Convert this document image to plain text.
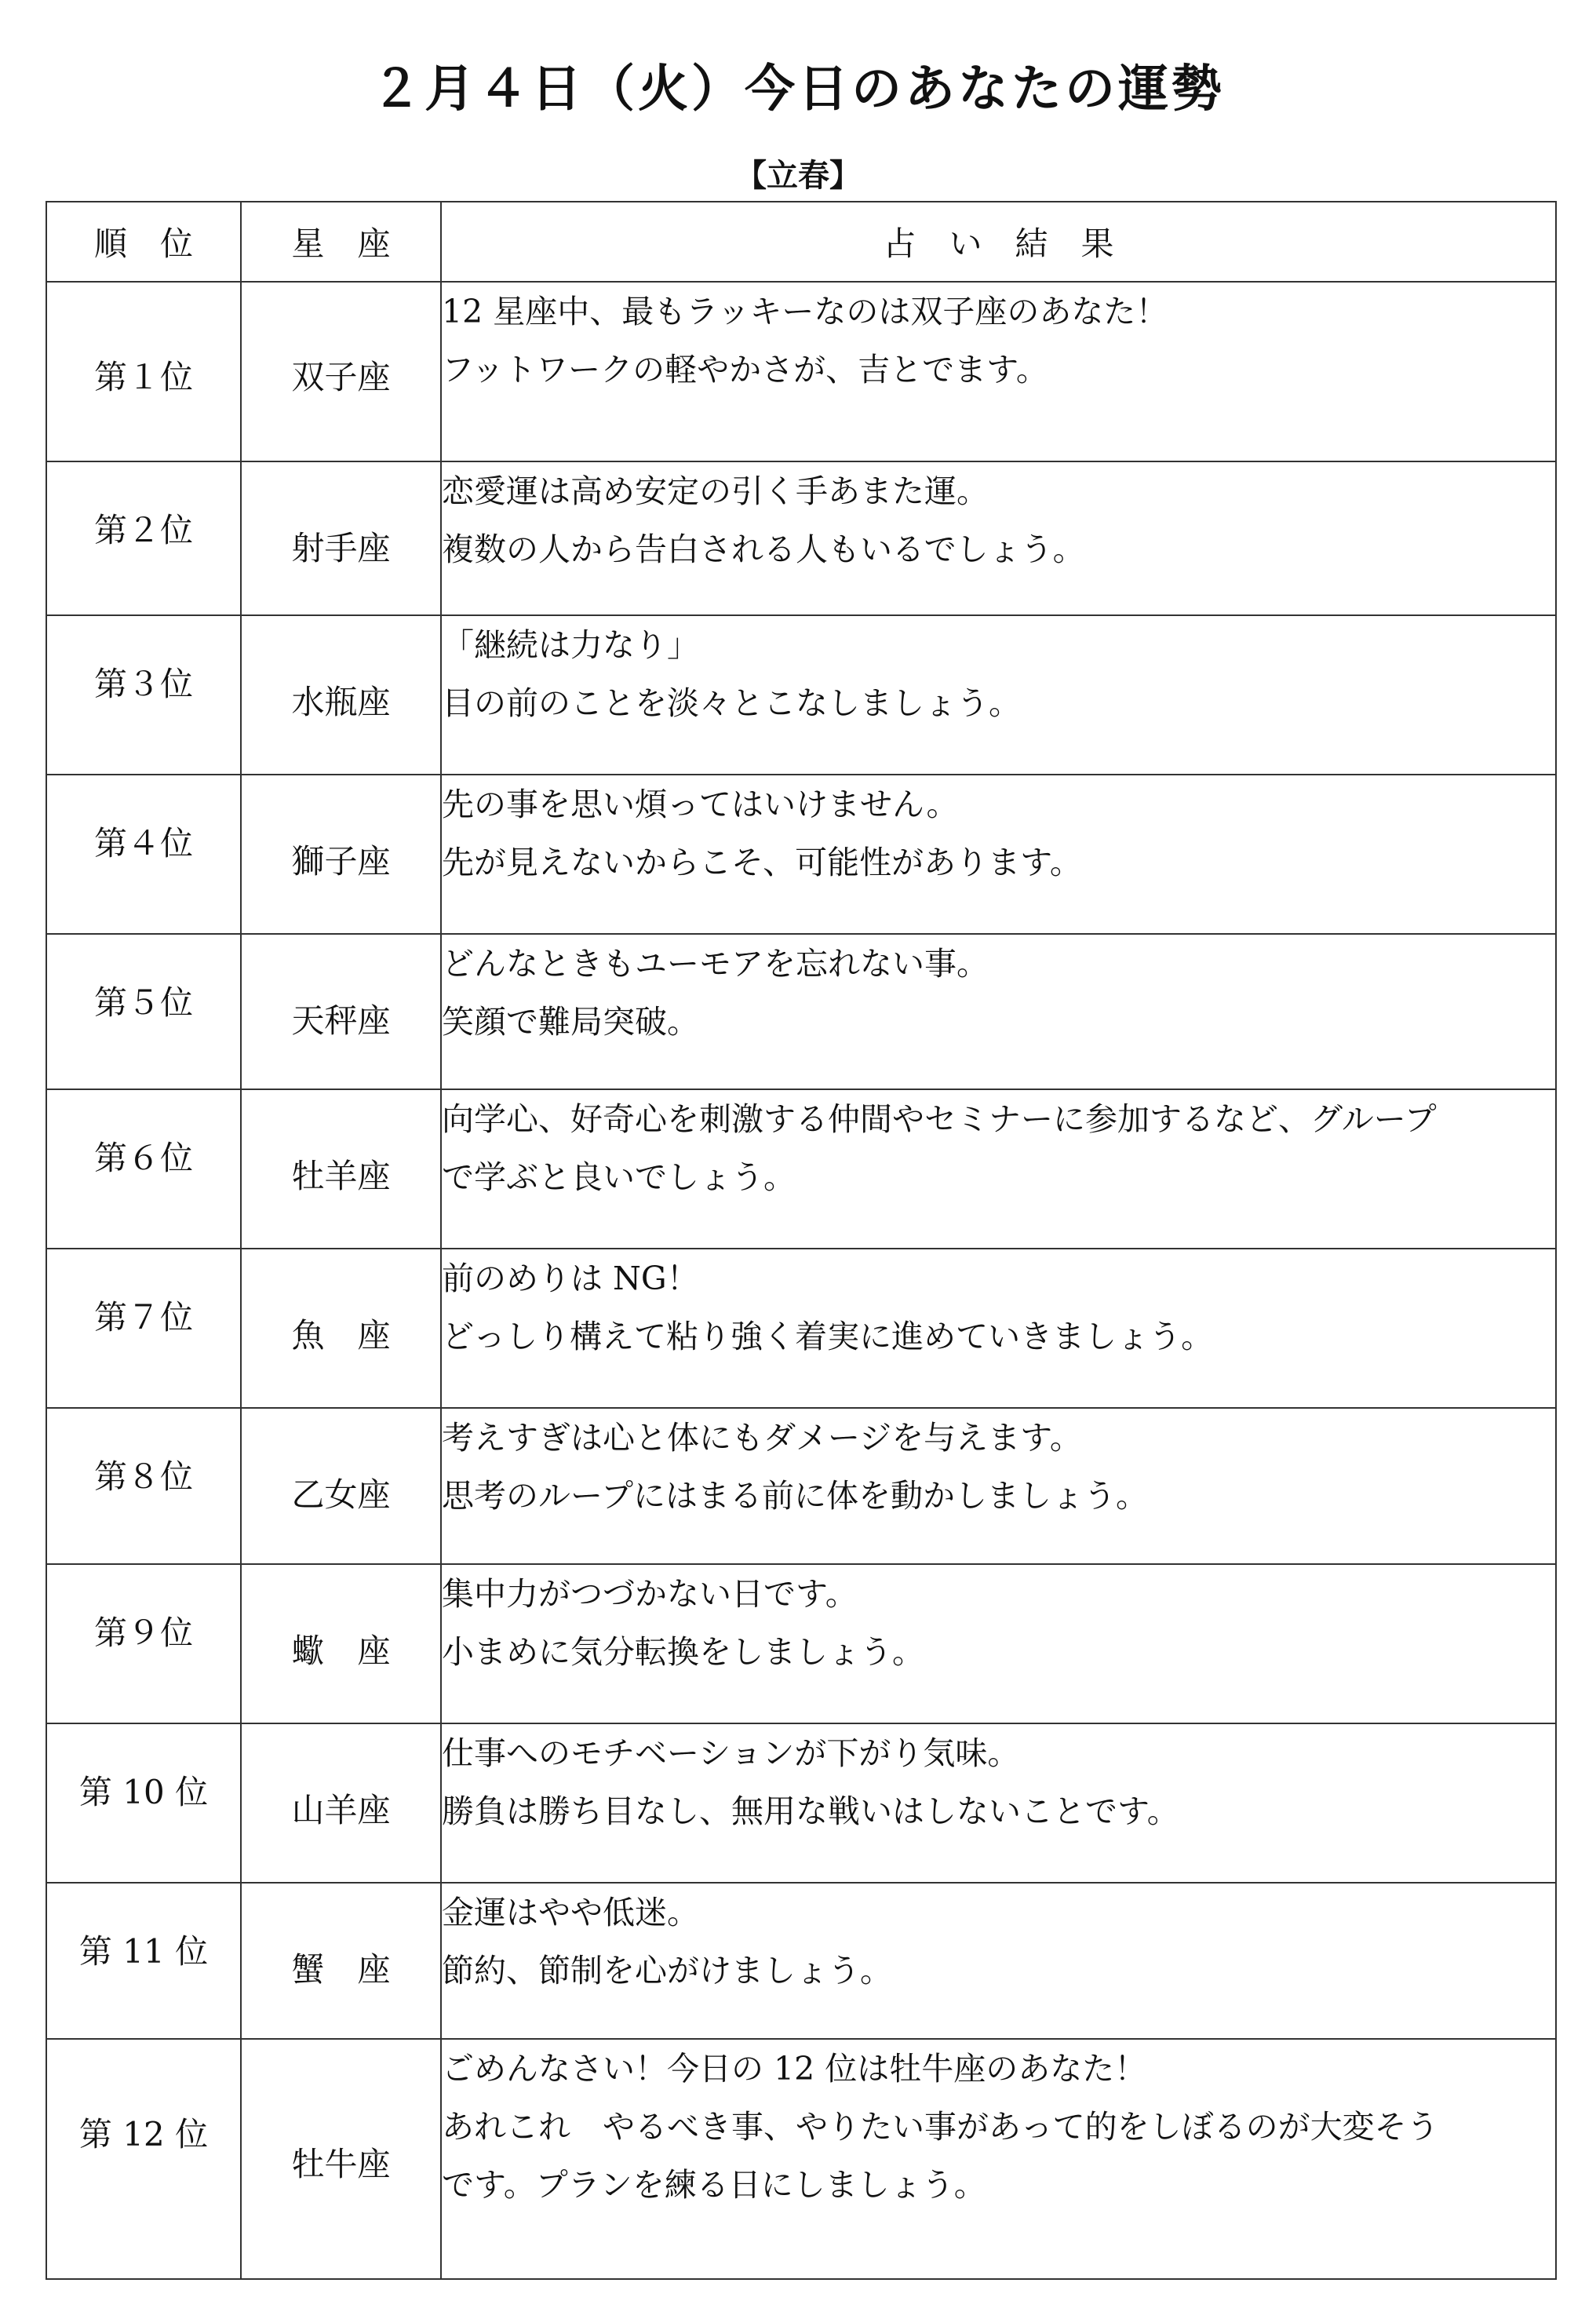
２月４日（火）今日のあなたの運勢
【立春】
順　位	星　座	占　い　結　果

第１位	双子座	12 星座中、最もラッキーなのは双子座のあなた！
フットワークの軽やかさが、吉とでます。

第２位	射手座	恋愛運は高め安定の引く手あまた運。
複数の人から告白される人もいるでしょう。

第３位	水瓶座	「継続は力なり」
目の前のことを淡々とこなしましょう。

第４位	獅子座	先の事を思い煩ってはいけません。
先が見えないからこそ、可能性があります。

第５位	天秤座	どんなときもユーモアを忘れない事。
笑顔で難局突破。

第６位	牡羊座	向学心、好奇心を刺激する仲間やセミナーに参加するなど、グループ
で学ぶと良いでしょう。

第７位	魚　座	前のめりは NG！
どっしり構えて粘り強く着実に進めていきましょう。

第８位	乙女座	考えすぎは心と体にもダメージを与えます。
思考のループにはまる前に体を動かしましょう。

第９位	蠍　座	集中力がつづかない日です。
小まめに気分転換をしましょう。

第 10 位	山羊座	仕事へのモチベーションが下がり気味。
勝負は勝ち目なし、無用な戦いはしないことです。

第 11 位	蟹　座	金運はやや低迷。
節約、節制を心がけましょう。

第 12 位	牡牛座	ごめんなさい！今日の 12 位は牡牛座のあなた！
あれこれ　やるべき事、やりたい事があって的をしぼるのが大変そう
です。プランを練る日にしましょう。
